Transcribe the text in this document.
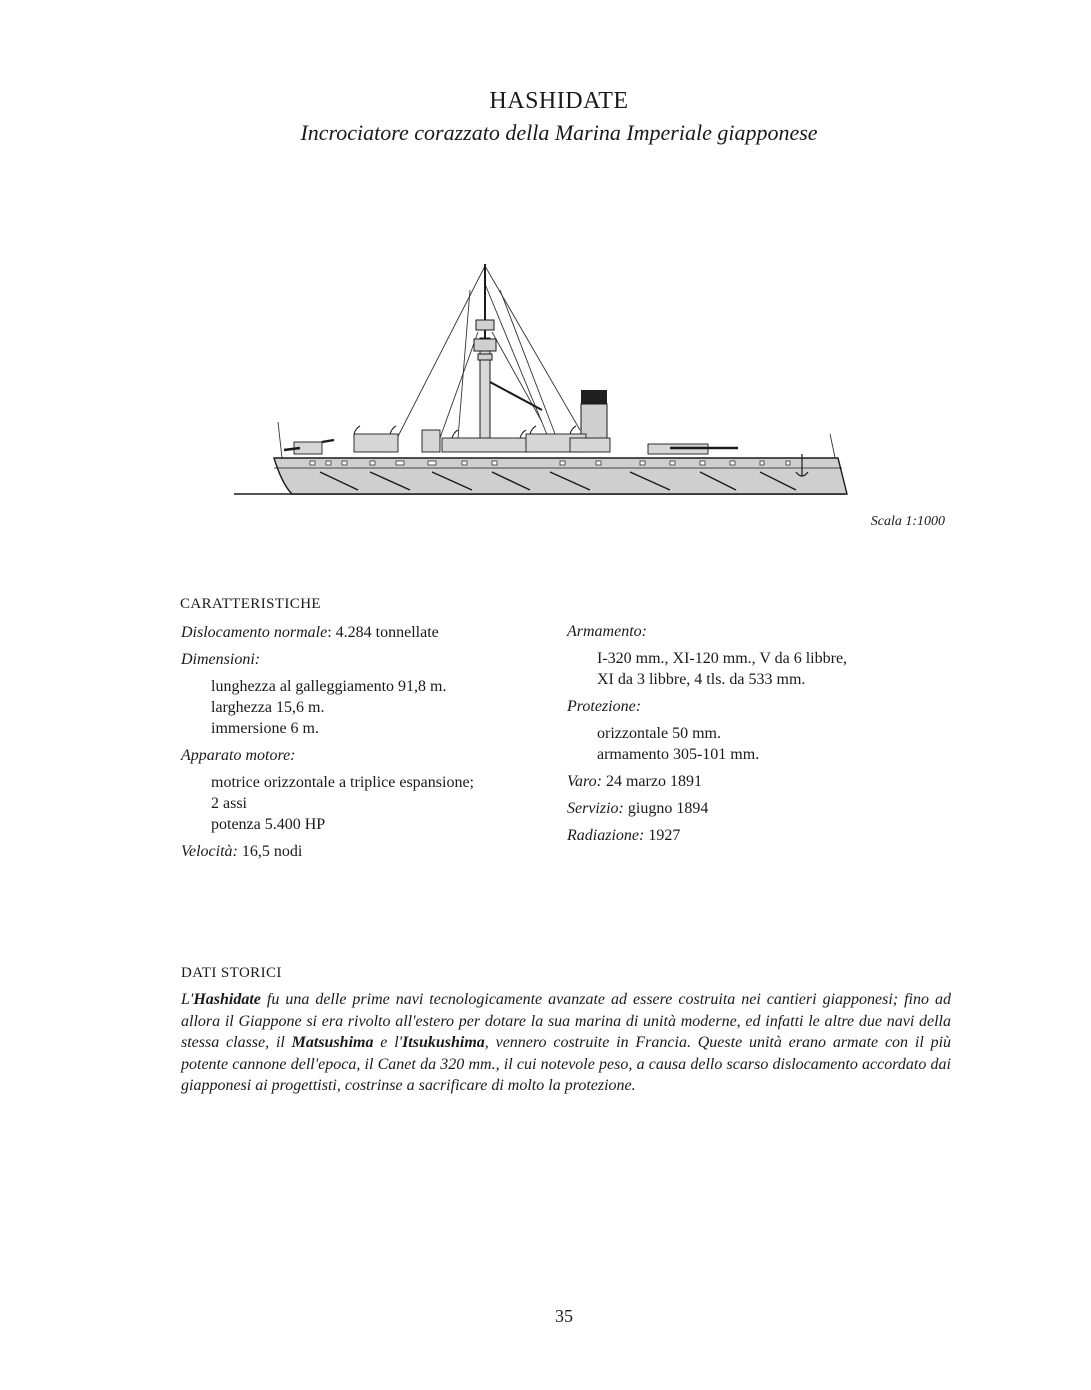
HASHIDATE
Incrociatore corazzato della Marina Imperiale giapponese
Scala 1:1000
CARATTERISTICHE
Dislocamento normale: 4.284 tonnellate
Dimensioni:
lunghezza al galleggiamento 91,8 m.
larghezza 15,6 m.
immersione 6 m.
Apparato motore:
motrice orizzontale a triplice espansione;
2 assi
potenza 5.400 HP
Velocità: 16,5 nodi
Armamento:
I-320 mm., XI-120 mm., V da 6 libbre,
XI da 3 libbre, 4 tls. da 533 mm.
Protezione:
orizzontale 50 mm.
armamento 305-101 mm.
Varo: 24 marzo 1891
Servizio: giugno 1894
Radiazione: 1927
DATI STORICI
L'Hashidate fu una delle prime navi tecnologicamente avanzate ad essere costruita nei cantieri giapponesi; fino ad allora il Giappone si era rivolto all'estero per dotare la sua marina di unità moderne, ed infatti le altre due navi della stessa classe, il Matsushima e l'Itsukushima, vennero costruite in Francia. Queste unità erano armate con il più potente cannone dell'epoca, il Canet da 320 mm., il cui notevole peso, a causa dello scarso dislocamento accordato dai giapponesi ai progettisti, costrinse a sacrificare di molto la protezione.
35
